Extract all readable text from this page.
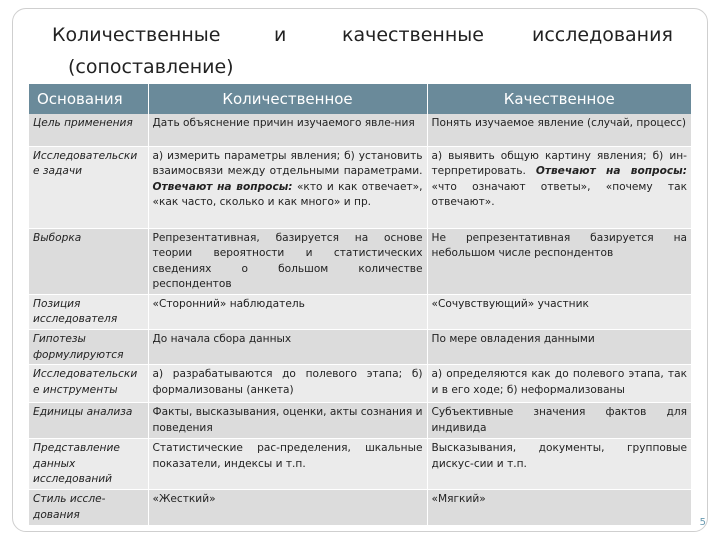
Количественные	и	качественные	исследования
(сопоставление)
Основания	Количественное	Качественное
Цель применения	Дать объяснение причин изучаемого явле-ния	Понять изучаемое явление (случай, процесс)
Исследовательски е задачи	а) измерить параметры явления; б) установить взаимосвязи между отдельными параметрами. Отвечают на вопросы: «кто и как отвечает», «как часто, сколько и как много» и пр.	а) выявить общую картину явления; б) ин-терпретировать. Отвечают на вопросы: «что означают ответы», «почему так отвечают».
Выборка	Репрезентативная, базируется на основе теории вероятности и статистических сведениях о большом количестве респондентов	Не репрезентативная базируется на небольшом числе респондентов
Позиция исследователя	«Сторонний» наблюдатель	«Сочувствующий» участник
Гипотезы формулируются	До начала сбора данных	По мере овладения данными
Исследовательски е инструменты	а) разрабатываются до полевого этапа; б) формализованы (анкета)	а) определяются как до полевого этапа, так и в его ходе; б) неформализованы
Единицы анализа	Факты, высказывания, оценки, акты сознания и поведения	Субъективные значения фактов для индивида
Представление данных исследований	Статистические рас-пределения, шкальные показатели, индексы и т.п.	Высказывания, документы, групповые дискус-сии и т.п.
Стиль иссле-дования	«Жесткий»	«Мягкий»
5
